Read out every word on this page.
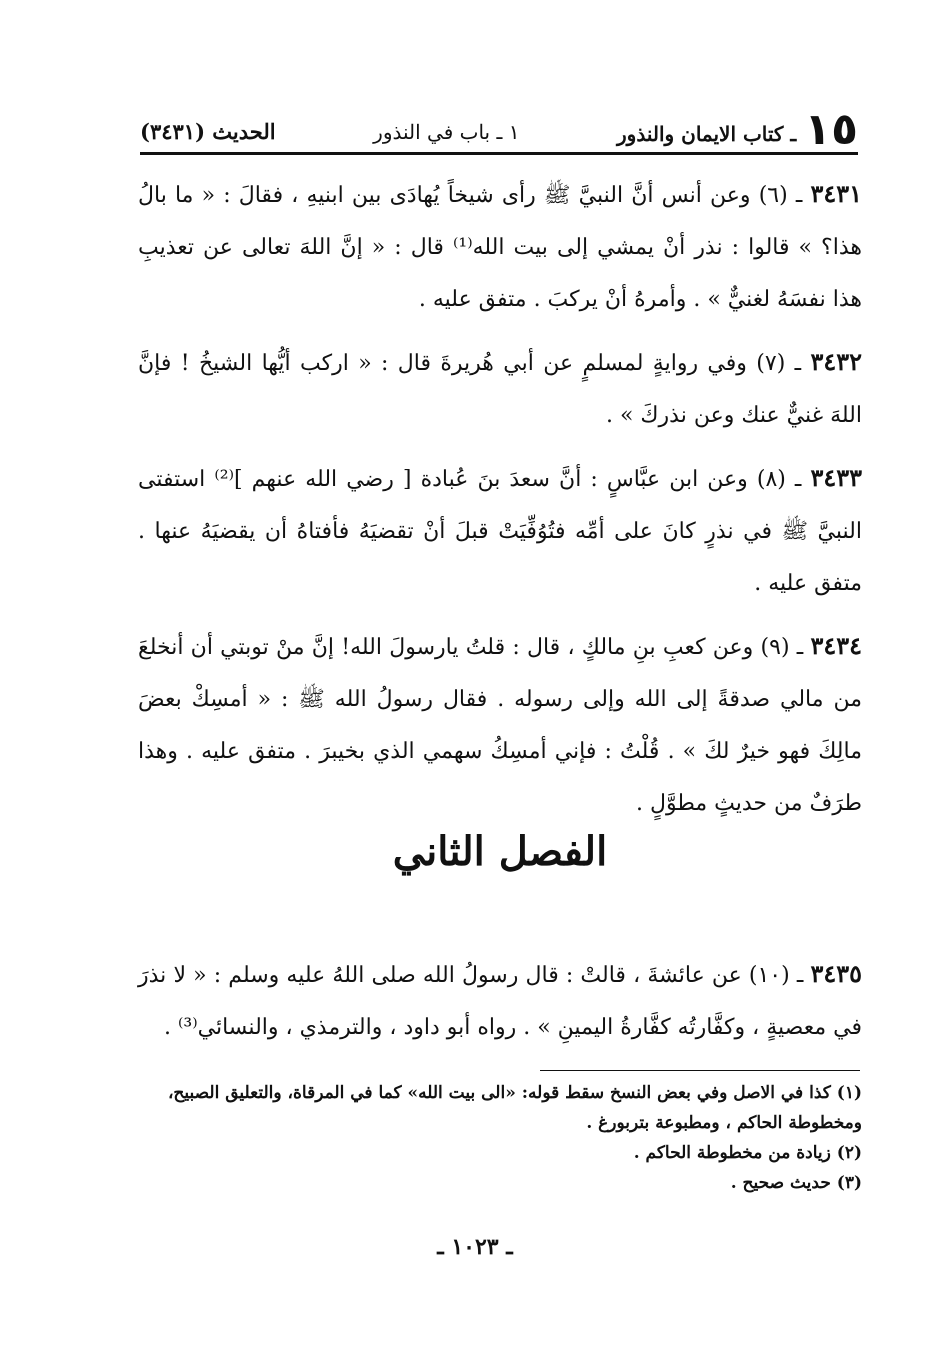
١٥
ـ كتاب الايمان والنذور
١ ـ باب في النذور
الحديث (٣٤٣١)

٣٤٣١ ـ (٦) وعن أنس أنَّ النبيَّ ﷺ رأى شيخاً يُهادَى بين ابنيهِ ، فقالَ : « ما بالُ هذا؟ » قالوا : نذر أنْ يمشي إلى بيت الله⁽¹⁾ قال : « إنَّ اللهَ تعالى عن تعذيبِ هذا نفسَهُ لغنيٌّ » . وأمرهُ أنْ يركبَ . متفق عليه .

٣٤٣٢ ـ (٧) وفي روايةٍ لمسلمٍ عن أبي هُريرةَ قال : « اركب أيُّها الشيخُ ! فإنَّ اللهَ غنيٌّ عنك وعن نذركَ » .

٣٤٣٣ ـ (٨) وعن ابن عبَّاسٍ : أنَّ سعدَ بنَ عُبادة [ رضي الله عنهم ]⁽²⁾ استفتى النبيَّ ﷺ في نذرٍ كانَ على أمِّه فتُوُفِّيَتْ قبلَ أنْ تقضيَهُ فأفتاهُ أن يقضيَهُ عنها . متفق عليه .

٣٤٣٤ ـ (٩) وعن كعبِ بنِ مالكٍ ، قال : قلتُ يارسولَ الله! إنَّ منْ توبتي أن أنخلعَ من مالي صدقةً إلى الله وإلى رسوله . فقال رسولُ الله ﷺ : « أمسِكْ بعضَ مالِكَ فهو خيرٌ لكَ » . قُلْتُ : فإني أمسِكُ سهمي الذي بخيبرَ . متفق عليه . وهذا طرَفٌ من حديثٍ مطوَّلٍ .

الفصل الثاني

٣٤٣٥ ـ (١٠) عن عائشةَ ، قالتْ : قال رسولُ الله صلى اللهُ عليه وسلم : « لا نذرَ في معصيةٍ ، وكفَّارتُه كفَّارةُ اليمينِ » . رواه أبو داود ، والترمذي ، والنسائي⁽³⁾ .

(١) كذا في الاصل وفي بعض النسخ سقط قوله: «الى بيت الله» كما في المرقاة، والتعليق الصبيح،

ومخطوطة الحاكم ، ومطبوعة بتربورغ .

(٢) زيادة من مخطوطة الحاكم .

(٣) حديث صحيح .

ـ ١٠٢٣ ـ
